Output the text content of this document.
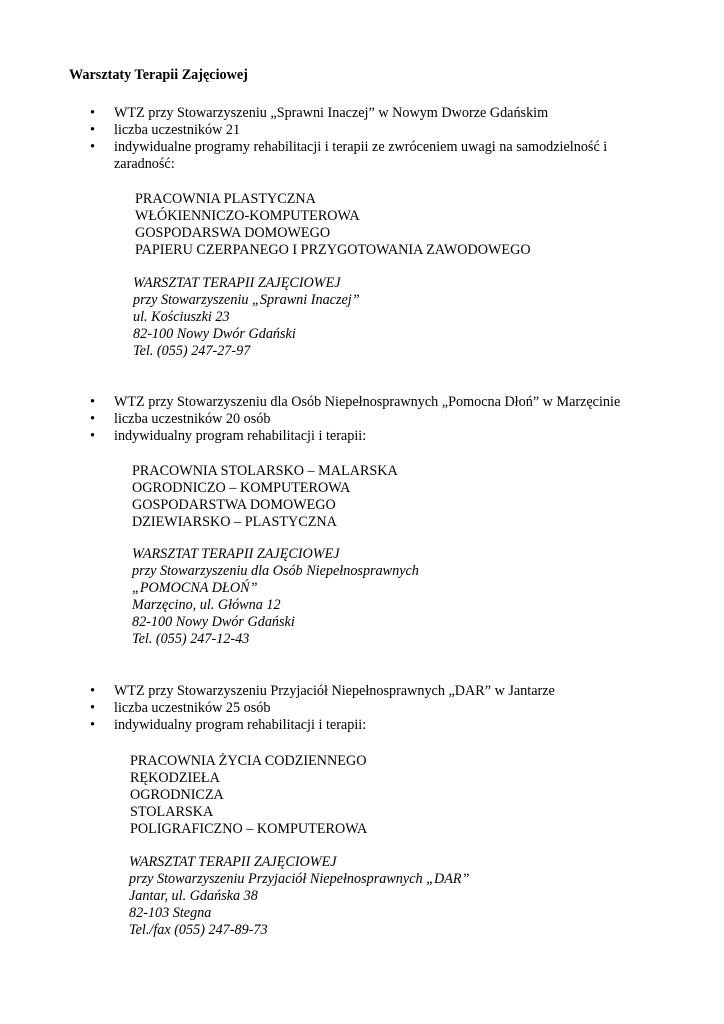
Warsztaty Terapii Zajęciowej
• WTZ przy Stowarzyszeniu „Sprawni Inaczej” w Nowym Dworze Gdańskim
• liczba uczestników 21
• indywidualne programy rehabilitacji i terapii ze zwróceniem uwagi na samodzielność i zaradność:
PRACOWNIA PLASTYCZNA
WŁÓKIENNICZO-KOMPUTEROWA
GOSPODARSWA DOMOWEGO
PAPIERU CZERPANEGO I PRZYGOTOWANIA ZAWODOWEGO
WARSZTAT TERAPII ZAJĘCIOWEJ
przy Stowarzyszeniu „Sprawni Inaczej”
ul. Kościuszki 23
82-100 Nowy Dwór Gdański
Tel. (055) 247-27-97
• WTZ przy Stowarzyszeniu dla Osób Niepełnosprawnych „Pomocna Dłoń” w Marzęcinie
• liczba uczestników 20 osób
• indywidualny program rehabilitacji i terapii:
PRACOWNIA STOLARSKO – MALARSKA
OGRODNICZO – KOMPUTEROWA
GOSPODARSTWA DOMOWEGO
DZIEWIARSKO – PLASTYCZNA
WARSZTAT TERAPII ZAJĘCIOWEJ
przy Stowarzyszeniu dla Osób Niepełnosprawnych
„POMOCNA DŁOŃ”
Marzęcino, ul. Główna 12
82-100 Nowy Dwór Gdański
Tel. (055) 247-12-43
• WTZ przy Stowarzyszeniu Przyjaciół Niepełnosprawnych „DAR” w Jantarze
• liczba uczestników 25 osób
• indywidualny program rehabilitacji i terapii:
PRACOWNIA ŻYCIA CODZIENNEGO
RĘKODZIEŁA
OGRODNICZA
STOLARSKA
POLIGRAFICZNO – KOMPUTEROWA
WARSZTAT TERAPII ZAJĘCIOWEJ
przy Stowarzyszeniu Przyjaciół Niepełnosprawnych „DAR”
Jantar, ul. Gdańska 38
82-103 Stegna
Tel./fax (055) 247-89-73
